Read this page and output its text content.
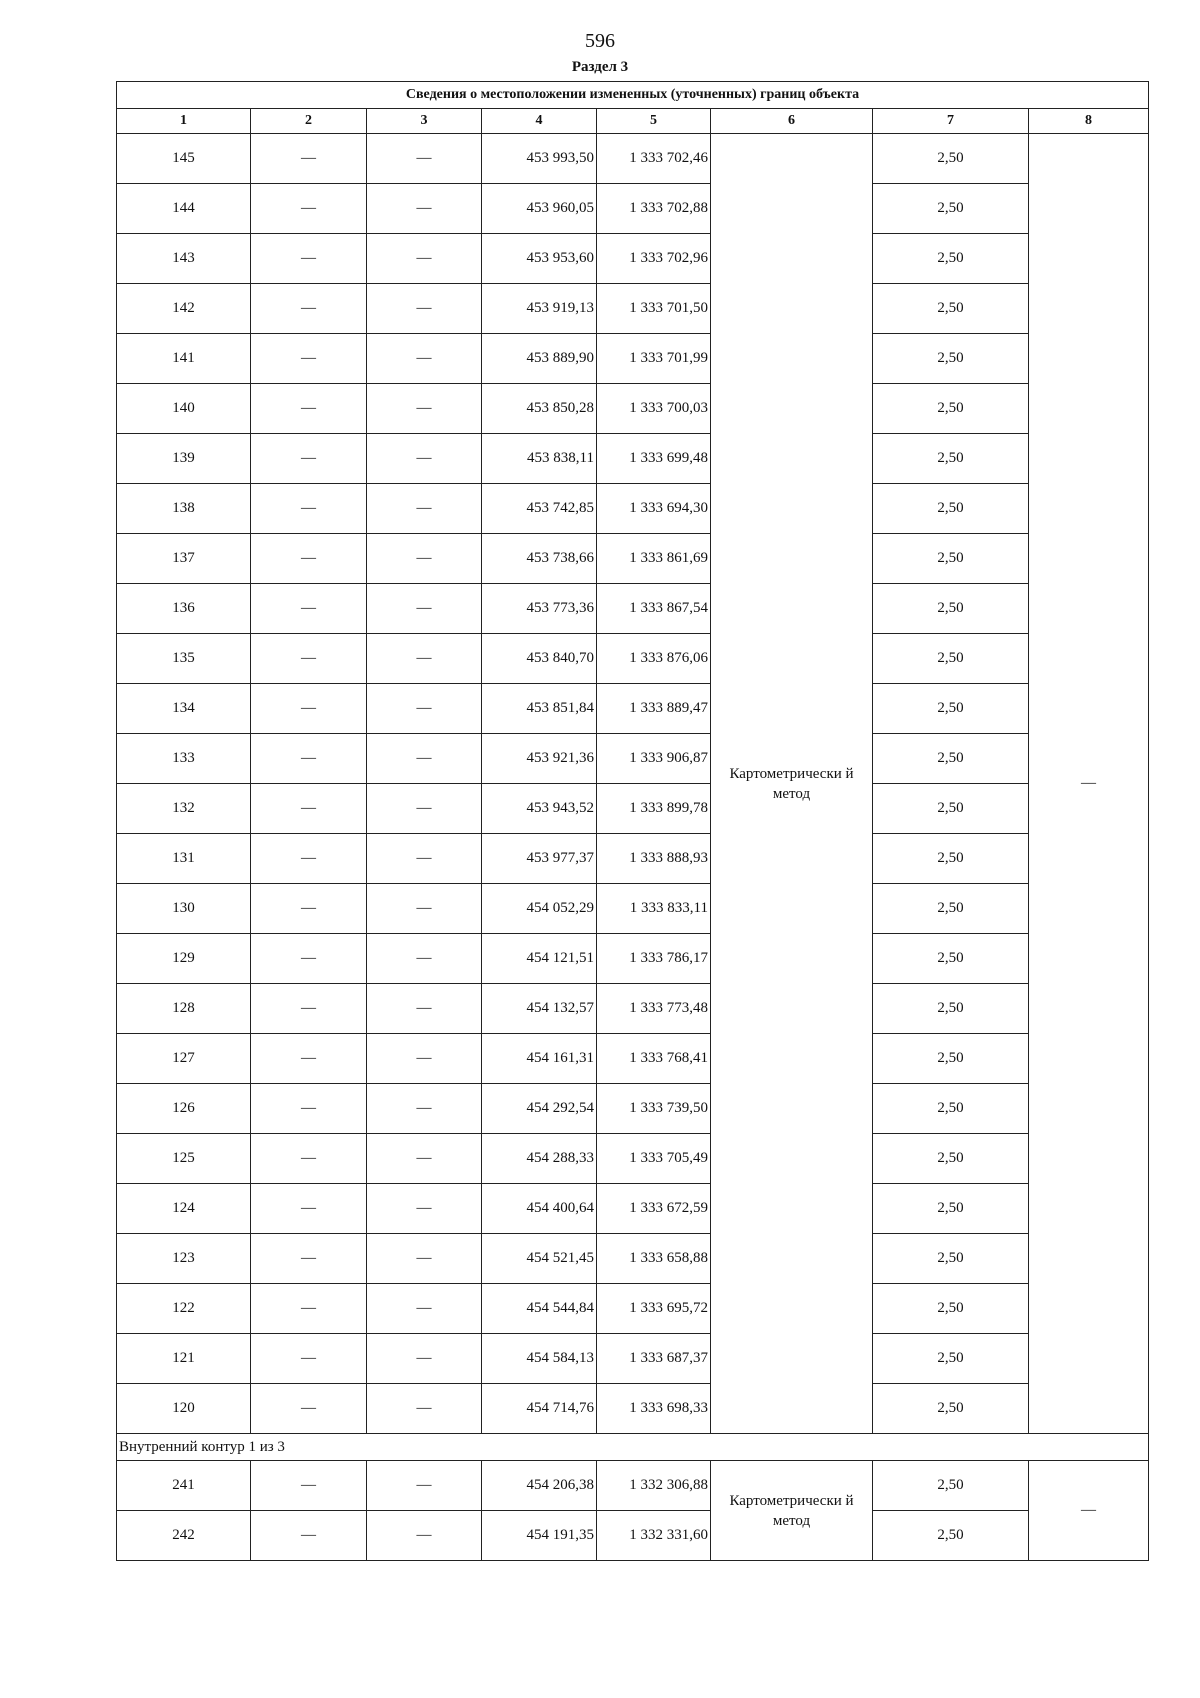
596
Раздел 3
Сведения о местоположении измененных (уточненных) границ объекта							
1	2	3	4	5	6	7	8
145	—	—	453 993,50	1 333 702,46	Картометрически й метод	2,50	—
144	—	—	453 960,05	1 333 702,88		2,50	
143	—	—	453 953,60	1 333 702,96		2,50	
142	—	—	453 919,13	1 333 701,50		2,50	
141	—	—	453 889,90	1 333 701,99		2,50	
140	—	—	453 850,28	1 333 700,03		2,50	
139	—	—	453 838,11	1 333 699,48		2,50	
138	—	—	453 742,85	1 333 694,30		2,50	
137	—	—	453 738,66	1 333 861,69		2,50	
136	—	—	453 773,36	1 333 867,54		2,50	
135	—	—	453 840,70	1 333 876,06		2,50	
134	—	—	453 851,84	1 333 889,47		2,50	
133	—	—	453 921,36	1 333 906,87		2,50	
132	—	—	453 943,52	1 333 899,78		2,50	
131	—	—	453 977,37	1 333 888,93		2,50	
130	—	—	454 052,29	1 333 833,11		2,50	
129	—	—	454 121,51	1 333 786,17		2,50	
128	—	—	454 132,57	1 333 773,48		2,50	
127	—	—	454 161,31	1 333 768,41		2,50	
126	—	—	454 292,54	1 333 739,50		2,50	
125	—	—	454 288,33	1 333 705,49		2,50	
124	—	—	454 400,64	1 333 672,59		2,50	
123	—	—	454 521,45	1 333 658,88		2,50	
122	—	—	454 544,84	1 333 695,72		2,50	
121	—	—	454 584,13	1 333 687,37		2,50	
120	—	—	454 714,76	1 333 698,33		2,50	
Внутренний контур 1 из 3							
241	—	—	454 206,38	1 332 306,88	Картометрически й метод	2,50	—
242	—	—	454 191,35	1 332 331,60		2,50	
